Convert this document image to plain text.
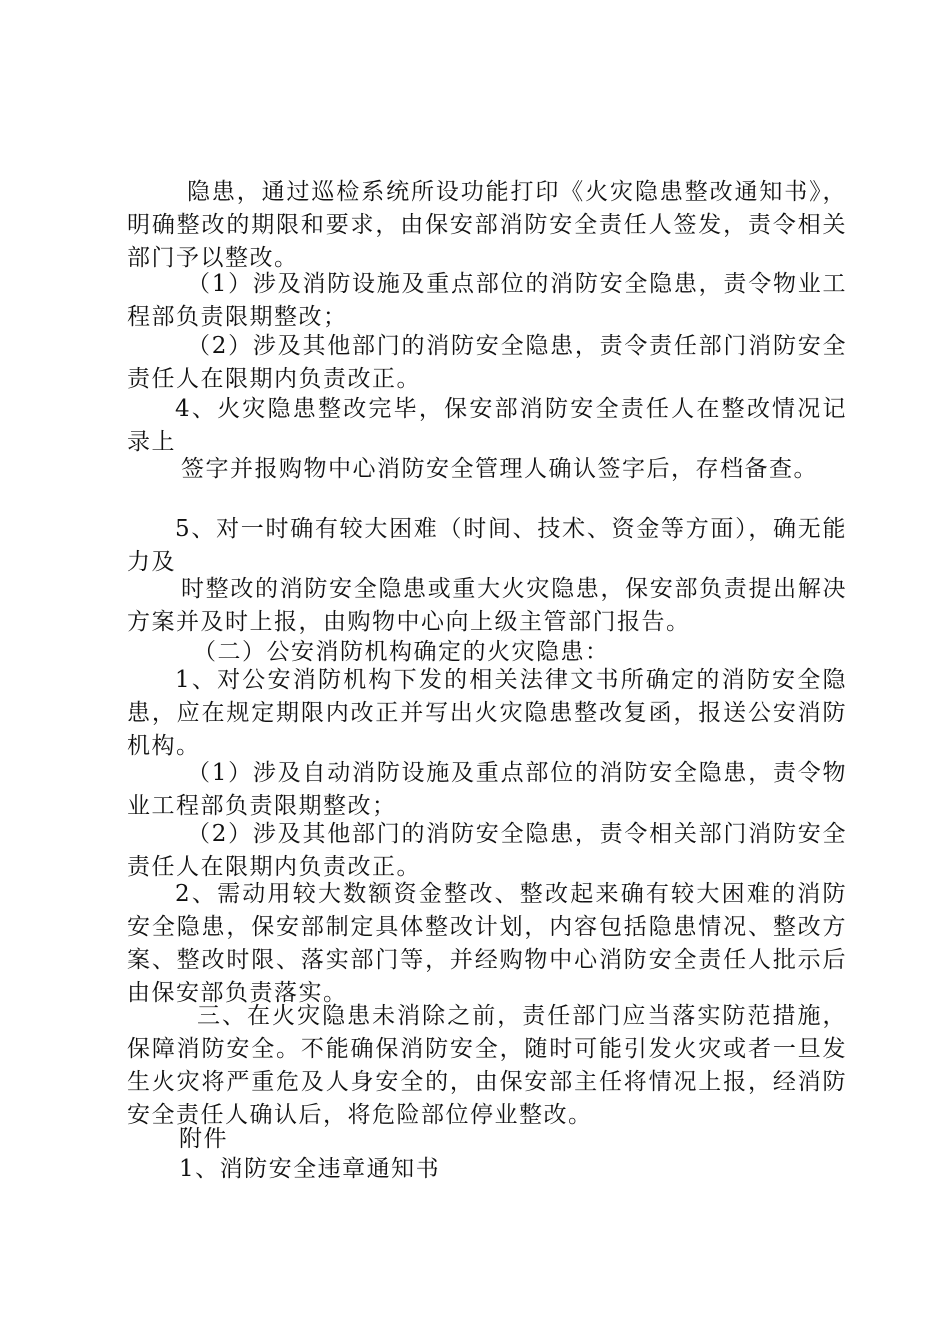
隐患，通过巡检系统所设功能打印《火灾隐患整改通知书》，明确整改的期限和要求，由保安部消防安全责任人签发，责令相关部门予以整改。
（1）涉及消防设施及重点部位的消防安全隐患，责令物业工程部负责限期整改；
（2）涉及其他部门的消防安全隐患，责令责任部门消防安全责任人在限期内负责改正。
4、火灾隐患整改完毕，保安部消防安全责任人在整改情况记录上
签字并报购物中心消防安全管理人确认签字后，存档备查。
5、对一时确有较大困难（时间、技术、资金等方面），确无能力及
时整改的消防安全隐患或重大火灾隐患，保安部负责提出解决方案并及时上报，由购物中心向上级主管部门报告。
（二）公安消防机构确定的火灾隐患：
1、对公安消防机构下发的相关法律文书所确定的消防安全隐患，应在规定期限内改正并写出火灾隐患整改复函，报送公安消防机构。
（1）涉及自动消防设施及重点部位的消防安全隐患，责令物业工程部负责限期整改；
（2）涉及其他部门的消防安全隐患，责令相关部门消防安全责任人在限期内负责改正。
2、需动用较大数额资金整改、整改起来确有较大困难的消防安全隐患，保安部制定具体整改计划，内容包括隐患情况、整改方案、整改时限、落实部门等，并经购物中心消防安全责任人批示后由保安部负责落实。
三、在火灾隐患未消除之前，责任部门应当落实防范措施，保障消防安全。不能确保消防安全，随时可能引发火灾或者一旦发生火灾将严重危及人身安全的，由保安部主任将情况上报，经消防安全责任人确认后，将危险部位停业整改。
附件
1、消防安全违章通知书
